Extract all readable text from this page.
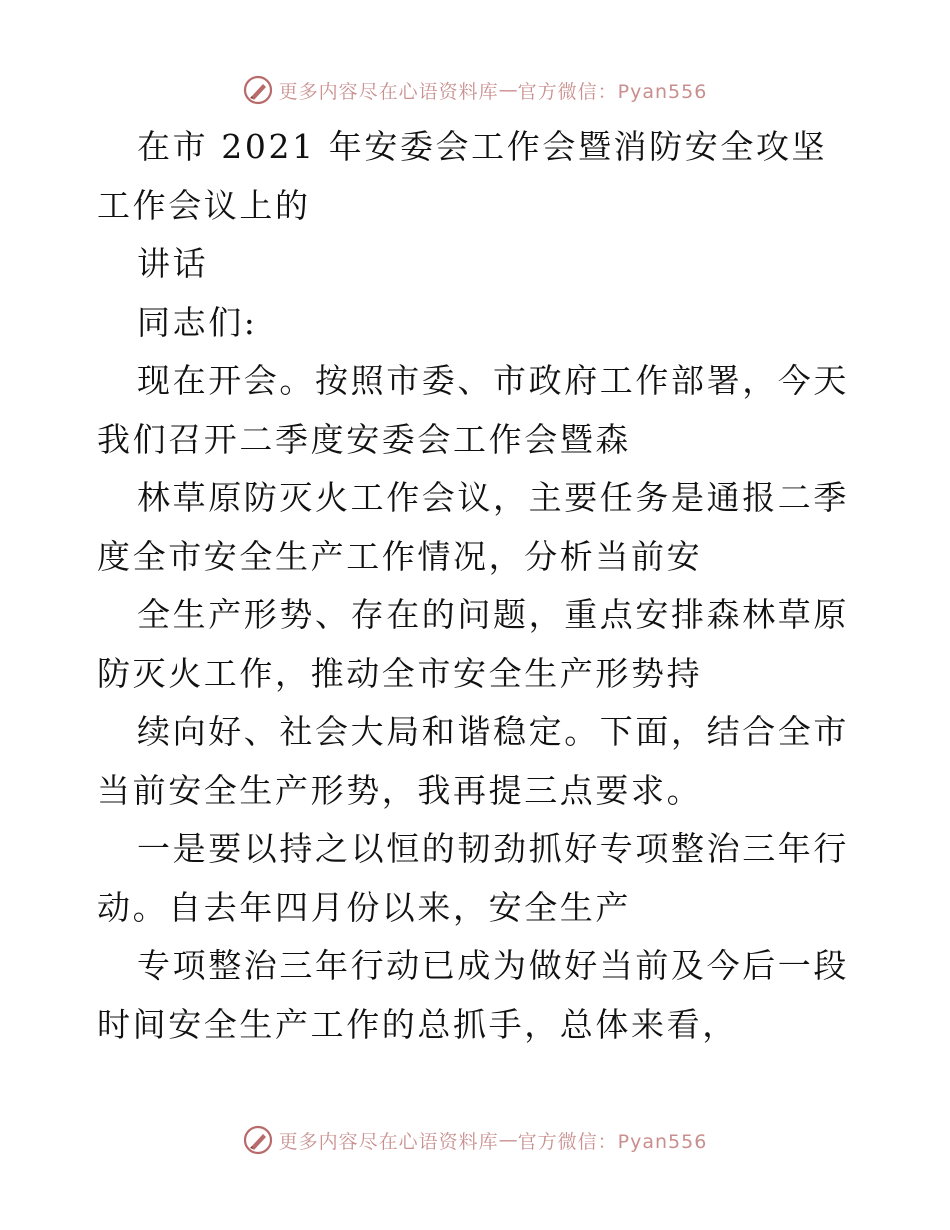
更多内容尽在心语资料库 — 官方微信：Pyan556

在市 2021 年安委会工作会暨消防安全攻坚工作会议上的

讲话

同志们:

现在开会。按照市委、市政府工作部署，今天我们召开二季度安委会工作会暨森

林草原防灭火工作会议，主要任务是通报二季度全市安全生产工作情况，分析当前安

全生产形势、存在的问题，重点安排森林草原防灭火工作，推动全市安全生产形势持

续向好、社会大局和谐稳定。下面，结合全市当前安全生产形势，我再提三点要求。

一是要以持之以恒的韧劲抓好专项整治三年行动。自去年四月份以来，安全生产

专项整治三年行动已成为做好当前及今后一段时间安全生产工作的总抓手，总体来看，

更多内容尽在心语资料库 — 官方微信：Pyan556
